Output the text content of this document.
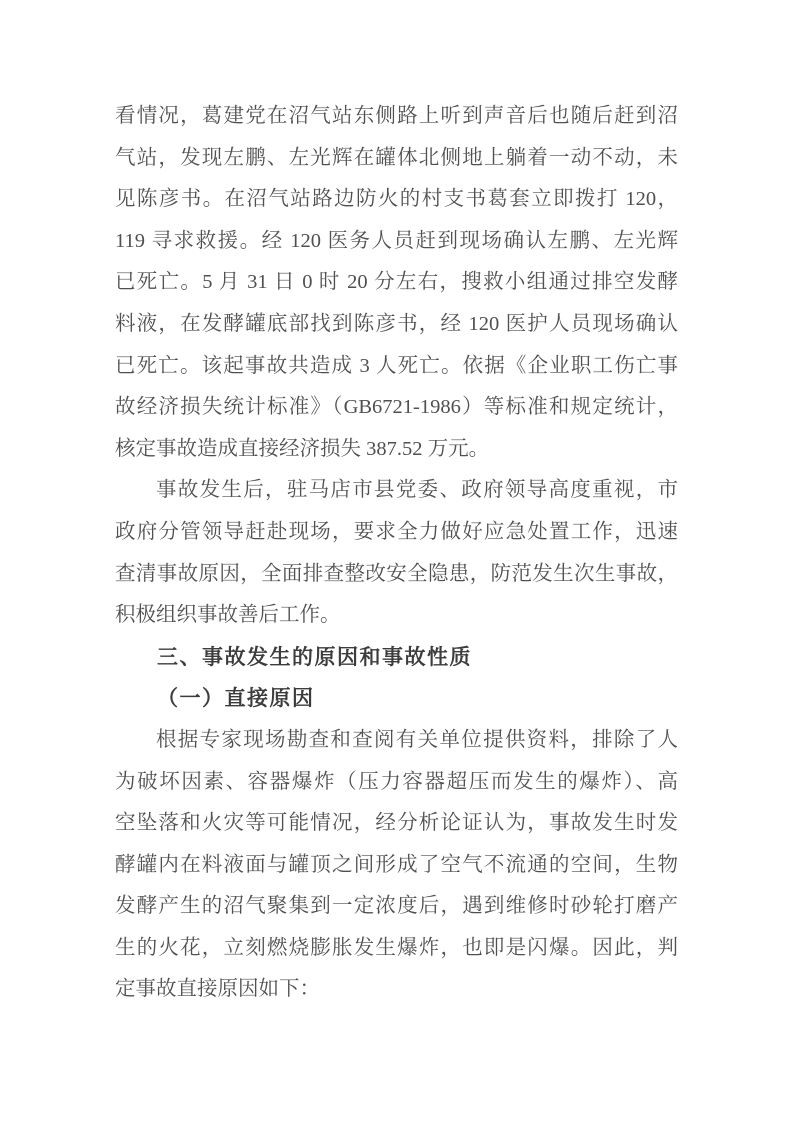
看情况，葛建党在沼气站东侧路上听到声音后也随后赶到沼
气站，发现左鹏、左光辉在罐体北侧地上躺着一动不动，未
见陈彦书。在沼气站路边防火的村支书葛套立即拨打 120，
119 寻求救援。经 120 医务人员赶到现场确认左鹏、左光辉
已死亡。5 月 31 日 0 时 20 分左右，搜救小组通过排空发酵
料液，在发酵罐底部找到陈彦书，经 120 医护人员现场确认
已死亡。该起事故共造成 3 人死亡。依据《企业职工伤亡事
故经济损失统计标准》（GB6721-1986）等标准和规定统计，
核定事故造成直接经济损失 387.52 万元。
事故发生后，驻马店市县党委、政府领导高度重视，市
政府分管领导赶赴现场，要求全力做好应急处置工作，迅速
查清事故原因，全面排查整改安全隐患，防范发生次生事故，
积极组织事故善后工作。
三、事故发生的原因和事故性质
（一）直接原因
根据专家现场勘查和查阅有关单位提供资料，排除了人
为破坏因素、容器爆炸（压力容器超压而发生的爆炸）、高
空坠落和火灾等可能情况，经分析论证认为，事故发生时发
酵罐内在料液面与罐顶之间形成了空气不流通的空间，生物
发酵产生的沼气聚集到一定浓度后，遇到维修时砂轮打磨产
生的火花，立刻燃烧膨胀发生爆炸，也即是闪爆。因此，判
定事故直接原因如下：
